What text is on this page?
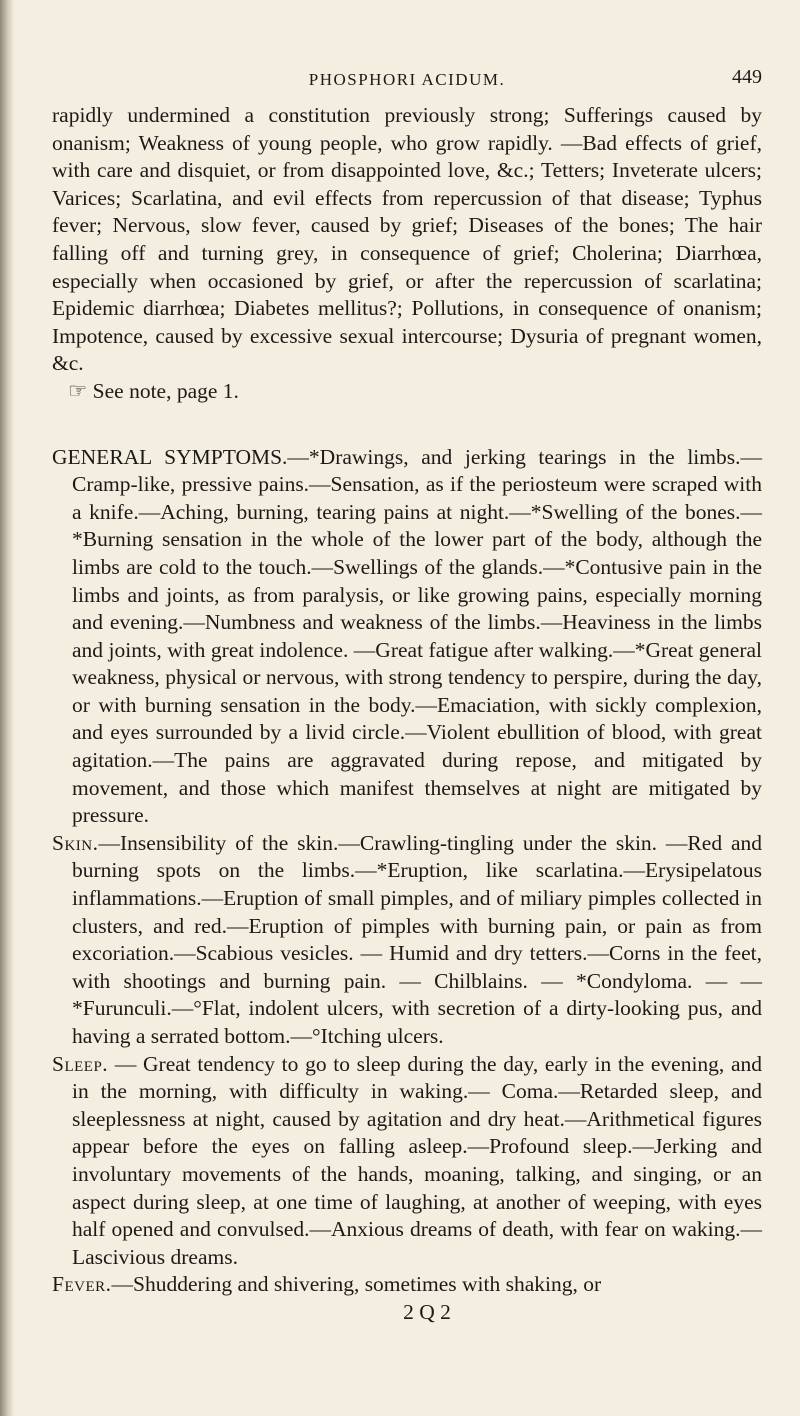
PHOSPHORI ACIDUM.	449

rapidly undermined a constitution previously strong; Sufferings caused by onanism; Weakness of young people, who grow rapidly. —Bad effects of grief, with care and disquiet, or from disappointed love, &c.; Tetters; Inveterate ulcers; Varices; Scarlatina, and evil effects from repercussion of that disease; Typhus fever; Nervous, slow fever, caused by grief; Diseases of the bones; The hair falling off and turning grey, in consequence of grief; Cholerina; Diarrhœa, especially when occasioned by grief, or after the repercussion of scarlatina; Epidemic diarrhœa; Diabetes mellitus?; Pollutions, in consequence of onanism; Impotence, caused by excessive sexual intercourse; Dysuria of pregnant women, &c.

☞ See note, page 1.

GENERAL SYMPTOMS.—*Drawings, and jerking tearings in the limbs.—Cramp-like, pressive pains.—Sensation, as if the periosteum were scraped with a knife.—Aching, burning, tearing pains at night.—*Swelling of the bones.—*Burning sensation in the whole of the lower part of the body, although the limbs are cold to the touch.—Swellings of the glands.—*Contusive pain in the limbs and joints, as from paralysis, or like growing pains, especially morning and evening.—Numbness and weakness of the limbs.—Heaviness in the limbs and joints, with great indolence. —Great fatigue after walking.—*Great general weakness, physical or nervous, with strong tendency to perspire, during the day, or with burning sensation in the body.—Emaciation, with sickly complexion, and eyes surrounded by a livid circle.—Violent ebullition of blood, with great agitation.—The pains are aggravated during repose, and mitigated by movement, and those which manifest themselves at night are mitigated by pressure.

Skin.—Insensibility of the skin.—Crawling-tingling under the skin. —Red and burning spots on the limbs.—*Eruption, like scarlatina.—Erysipelatous inflammations.—Eruption of small pimples, and of miliary pimples collected in clusters, and red.—Eruption of pimples with burning pain, or pain as from excoriation.—Scabious vesicles. — Humid and dry tetters.—Corns in the feet, with shootings and burning pain. — Chilblains. — *Condyloma. — —*Furunculi.—°Flat, indolent ulcers, with secretion of a dirty-looking pus, and having a serrated bottom.—°Itching ulcers.

Sleep. — Great tendency to go to sleep during the day, early in the evening, and in the morning, with difficulty in waking.— Coma.—Retarded sleep, and sleeplessness at night, caused by agitation and dry heat.—Arithmetical figures appear before the eyes on falling asleep.—Profound sleep.—Jerking and involuntary movements of the hands, moaning, talking, and singing, or an aspect during sleep, at one time of laughing, at another of weeping, with eyes half opened and convulsed.—Anxious dreams of death, with fear on waking.—Lascivious dreams.

Fever.—Shuddering and shivering, sometimes with shaking, or

2 Q 2
